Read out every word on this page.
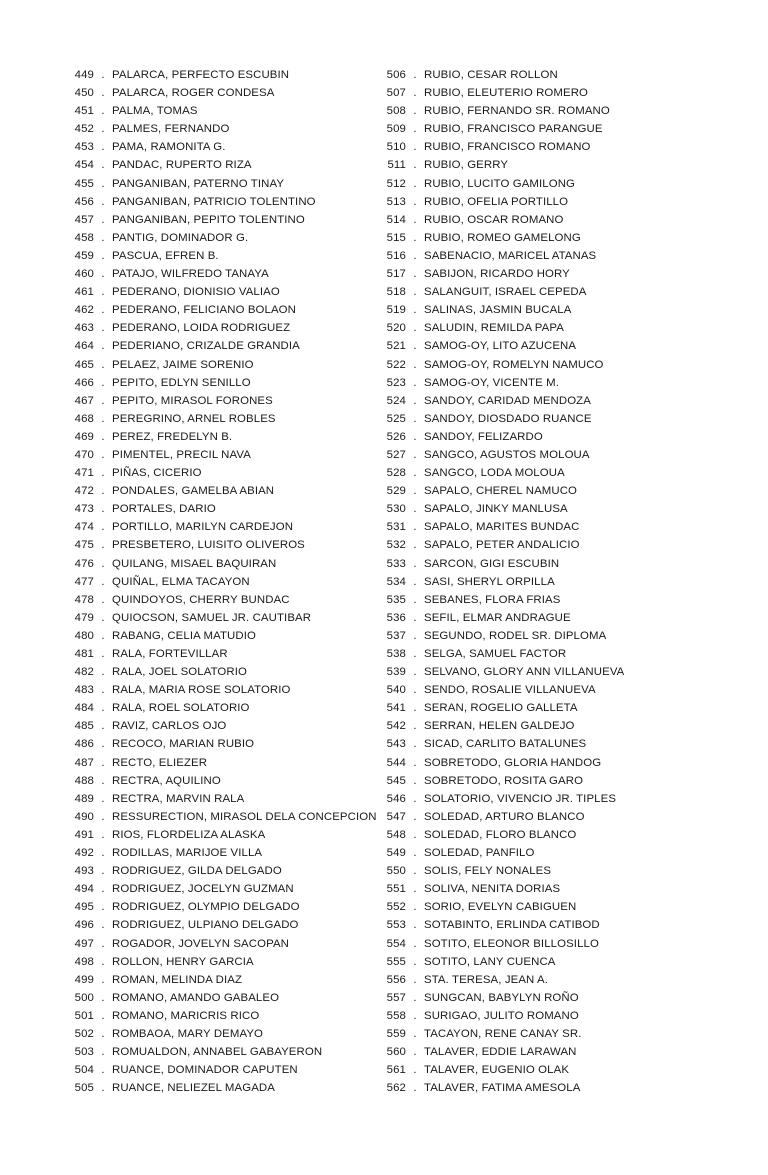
449 . PALARCA, PERFECTO ESCUBIN
450 . PALARCA, ROGER CONDESA
451 . PALMA, TOMAS
452 . PALMES, FERNANDO
453 . PAMA, RAMONITA G.
454 . PANDAC, RUPERTO RIZA
455 . PANGANIBAN, PATERNO TINAY
456 . PANGANIBAN, PATRICIO TOLENTINO
457 . PANGANIBAN, PEPITO TOLENTINO
458 . PANTIG, DOMINADOR G.
459 . PASCUA, EFREN B.
460 . PATAJO, WILFREDO TANAYA
461 . PEDERANO, DIONISIO VALIAO
462 . PEDERANO, FELICIANO BOLAON
463 . PEDERANO, LOIDA RODRIGUEZ
464 . PEDERIANO, CRIZALDE GRANDIA
465 . PELAEZ, JAIME SORENIO
466 . PEPITO, EDLYN SENILLO
467 . PEPITO, MIRASOL FORONES
468 . PEREGRINO, ARNEL ROBLES
469 . PEREZ, FREDELYN B.
470 . PIMENTEL, PRECIL NAVA
471 . PIÑAS, CICERIO
472 . PONDALES, GAMELBA ABIAN
473 . PORTALES, DARIO
474 . PORTILLO, MARILYN CARDEJON
475 . PRESBETERO, LUISITO OLIVEROS
476 . QUILANG, MISAEL BAQUIRAN
477 . QUIÑAL, ELMA TACAYON
478 . QUINDOYOS, CHERRY BUNDAC
479 . QUIOCSON, SAMUEL JR. CAUTIBAR
480 . RABANG, CELIA MATUDIO
481 . RALA, FORTEVILLAR
482 . RALA, JOEL SOLATORIO
483 . RALA, MARIA ROSE SOLATORIO
484 . RALA, ROEL SOLATORIO
485 . RAVIZ, CARLOS OJO
486 . RECOCO, MARIAN RUBIO
487 . RECTO, ELIEZER
488 . RECTRA, AQUILINO
489 . RECTRA, MARVIN RALA
490 . RESSURECTION, MIRASOL DELA CONCEPCION
491 . RIOS, FLORDELIZA ALASKA
492 . RODILLAS, MARIJOE VILLA
493 . RODRIGUEZ, GILDA DELGADO
494 . RODRIGUEZ, JOCELYN GUZMAN
495 . RODRIGUEZ, OLYMPIO DELGADO
496 . RODRIGUEZ, ULPIANO DELGADO
497 . ROGADOR, JOVELYN SACOPAN
498 . ROLLON, HENRY GARCIA
499 . ROMAN, MELINDA DIAZ
500 . ROMANO, AMANDO GABALEO
501 . ROMANO, MARICRIS RICO
502 . ROMBAOA, MARY DEMAYO
503 . ROMUALDON, ANNABEL GABAYERON
504 . RUANCE, DOMINADOR CAPUTEN
505 . RUANCE, NELIEZEL MAGADA
506 . RUBIO, CESAR ROLLON
507 . RUBIO, ELEUTERIO ROMERO
508 . RUBIO, FERNANDO SR. ROMANO
509 . RUBIO, FRANCISCO PARANGUE
510 . RUBIO, FRANCISCO ROMANO
511 . RUBIO, GERRY
512 . RUBIO, LUCITO GAMILONG
513 . RUBIO, OFELIA PORTILLO
514 . RUBIO, OSCAR ROMANO
515 . RUBIO, ROMEO GAMELONG
516 . SABENACIO, MARICEL ATANAS
517 . SABIJON, RICARDO HORY
518 . SALANGUIT, ISRAEL CEPEDA
519 . SALINAS, JASMIN BUCALA
520 . SALUDIN, REMILDA PAPA
521 . SAMOG-OY, LITO AZUCENA
522 . SAMOG-OY, ROMELYN NAMUCO
523 . SAMOG-OY, VICENTE M.
524 . SANDOY, CARIDAD MENDOZA
525 . SANDOY, DIOSDADO RUANCE
526 . SANDOY, FELIZARDO
527 . SANGCO, AGUSTOS MOLOUA
528 . SANGCO, LODA MOLOUA
529 . SAPALO, CHEREL NAMUCO
530 . SAPALO, JINKY MANLUSA
531 . SAPALO, MARITES BUNDAC
532 . SAPALO, PETER ANDALICIO
533 . SARCON, GIGI ESCUBIN
534 . SASI, SHERYL ORPILLA
535 . SEBANES, FLORA FRIAS
536 . SEFIL, ELMAR ANDRAGUE
537 . SEGUNDO, RODEL SR. DIPLOMA
538 . SELGA, SAMUEL FACTOR
539 . SELVANO, GLORY ANN VILLANUEVA
540 . SENDO, ROSALIE VILLANUEVA
541 . SERAN, ROGELIO GALLETA
542 . SERRAN, HELEN GALDEJO
543 . SICAD, CARLITO BATALUNES
544 . SOBRETODO, GLORIA HANDOG
545 . SOBRETODO, ROSITA GARO
546 . SOLATORIO, VIVENCIO JR. TIPLES
547 . SOLEDAD, ARTURO BLANCO
548 . SOLEDAD, FLORO BLANCO
549 . SOLEDAD, PANFILO
550 . SOLIS, FELY NONALES
551 . SOLIVA, NENITA DORIAS
552 . SORIO, EVELYN CABIGUEN
553 . SOTABINTO, ERLINDA CATIBOD
554 . SOTITO, ELEONOR BILLOSILLO
555 . SOTITO, LANY CUENCA
556 . STA. TERESA, JEAN A.
557 . SUNGCAN, BABYLYN ROÑO
558 . SURIGAO, JULITO ROMANO
559 . TACAYON, RENE CANAY SR.
560 . TALAVER, EDDIE LARAWAN
561 . TALAVER, EUGENIO OLAK
562 . TALAVER, FATIMA AMESOLA
